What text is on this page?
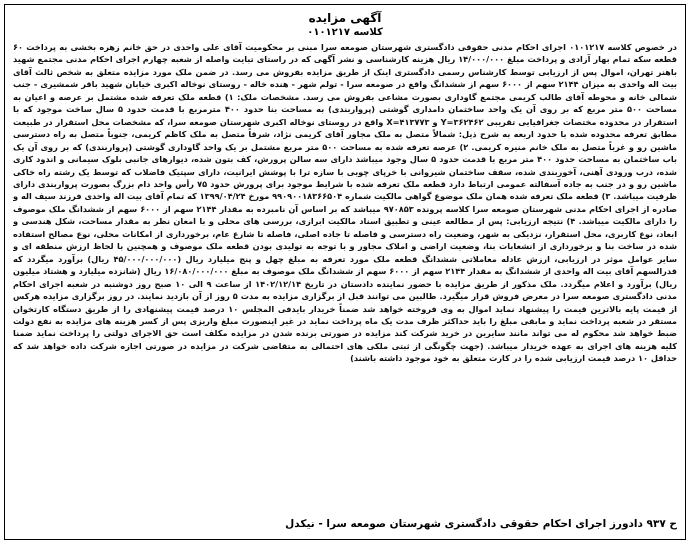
آگهی مزایده
کلاسه ۰۱۰۱۲۱۷
در خصوص کلاسه ۰۱۰۱۲۱۷ اجرای احکام مدنی حقوقی دادگستری شهرستان صومعه سرا مبنی بر محکومیت آقای علی واحدی در حق خانم زهره بخشی به پرداخت ۶۰ قطعه سکه تمام بهار آزادی و پرداخت مبلغ ۱۴/۰۰۰/۰۰۰ ریال هزینه کارشناسی و نشر آگهی که در راستای تبایت واصله از شعبه چهارم اجرای احکام مدنی مجتمع شهید باهنر تهران، اموال پس از ارزیابی توسط کارشناس رسمی دادگستری اینک از طریق مزایده بفروش می رسد. در ضمن ملک مورد مزایده متعلق به شخص ثالث آقای بیت اله واحدی به میزان ۲۱۴۴ سهم از ۶۰۰۰ سهم از ششدانگ واقع در صومعه سرا - تولم شهر - هنده خاله - روستای نوخاله اکبری خیابان شهید باقر شمشیری - جنب شمالی خانه و محوطه آقای طالب کریمی مجتمع گاوداری بصورت مشاعی بفروش می رسد. مشخصات ملک: ۱) قطعه ملک تعرفه شده مشتمل بر عرصه و اعیان به مساحت ۵۰۰ متر مربع که بر روی آن یک واحد ساختمان دامداری گوشتی (پرواربندی) به مساحت بنا حدود ۴۰۰ مترمربع با قدمت حدود ۵ سال ساخت موجود که با استقرار در محدوده مختصات جغرافیایی تقریبی ۳۶۲۴۶۲=Y و ۴۱۳۷۷۳=X واقع در روستای نوخاله اکبری شهرستان صومعه سرا، که مشخصات محل استقرار در طبیعت مطابق تعرفه محدوده شده با حدود اربعه به شرح ذیل: شمالاً متصل به ملک مجاور آقای کریمی نژاد، شرقاً متصل به ملک کاظم کریمی، جنوباً متصل به راه دسترسی ماشین رو و غرباً متصل به ملک خانم منیره کریمی. ۲) عرصه تعرفه شده به مساحت ۵۰۰ متر مربع مشتمل بر یک واحد گاوداری گوشتی (پرواربندی) که بر روی آن یک باب ساختمان به مساحت حدود ۴۰۰ متر مربع با قدمت حدود ۵ سال وجود میباشد دارای سه سالن پرورش، کف بتون شده، دیوارهای جانبی بلوک سیمانی و اندود کاری شده، درب ورودی آهنی، آخوربندی شده، سقف ساختمان شیروانی با خرپای چوبی با سازه ترا با پوشش ایرانیت، دارای سپتیک فاضلاب که توسط یک رشته راه خاکی ماشین رو و در جنب به جاده آسفالته عمومی ارتباط دارد قطعه ملک تعرفه شده با شرایط موجود برای پرورش حدود ۷۵ رأس واحد دام بزرگ بصورت پرواربندی دارای ظرفیت میباشد. ۳) قطعه ملک تعرفه شده همان ملک موضوع گواهی مالکیت شماره ۹۹۰۹۰۰۱۸۳۶۶۵۰۴ مورخ ۱۳۹۹/۰۴/۲۴ که تمام آقای بیت اله واحدی فرزند سیف اله و صادره از اجرای احکام مدنی شهرستان صومعه سرا کلاسه پرونده ۹۷۰۸۵۳ میباشد که بر اساس آن نامبرده به مقدار ۲۱۴۴ سهم از ۶۰۰۰ سهم از ششدانگ ملک موصوف را دارای مالکیت میباشد. ۴) نتیجه ارزیابی: پس از مطالعه عینی و تطبیق اسناد مالکیت ابرازی، بررسی های محلی و با امعان نظر به مقدار مساحت، شکل هندسی و ابعاد، نوع کاربری، محل استقرار، نزدیکی به شهر، وضعیت راه دسترسی و فاصله تا جاده اصلی، فاصله تا شارع عام، برخورداری از امکانات محلی، نوع مصالح استفاده شده در ساخت بنا و برخورداری از انشعابات بنا، وضعیت اراضی و املاک مجاور و با توجه به تولیدی بودن قطعه ملک موصوف و همچنین با لحاظ ارزش منطقه ای و سایر عوامل موثر در ارزیابی، ارزش عادله معاملاتی ششدانگ قطعه ملک مورد تعرفه به مبلغ چهل و پنج میلیارد ریال (۴۵/۰۰۰/۰۰۰/۰۰۰ ریال) برآورد میگردد که قدرالسهم آقای بیت اله واحدی از ششدانگ به مقدار ۲۱۴۴ سهم از ۶۰۰۰ سهم از ششدانگ ملک موصوف به مبلغ ۱۶/۰۸۰/۰۰۰/۰۰۰ ریال (شانزده میلیارد و هشتاد میلیون ریال) برآورد و اعلام میگردد. ملک مذکور از طریق مزایده با حضور نماینده دادستان در تاریخ ۱۴۰۲/۱۲/۱۴ از ساعت ۹ الی ۱۰ صبح روز دوشنبه در شعبه اجرای احکام مدنی دادگستری صومعه سرا در معرض فروش قرار میگیرد. طالبین می توانند قبل از برگزاری مزایده به مدت ۵ روز از آن بازدید نمایند. در روز برگزاری مزایده هرکس از قیمت پایه بالاترین قیمت را پیشنهاد نماید اموال به وی فروخته خواهد شد ضمناً خریدار بایدفی المجلس ۱۰ درصد قیمت پیشنهادی را از طریق دستگاه کارتخوان مستقر در شعبه پرداخت نماید و مابقی مبلغ را باید حداکثر ظرف مدت یک ماه پرداخت نماید در غیر اینصورت مبلغ واریزی پس از کسر هزینه های مزایده به نفع دولت ضبط خواهد شد محکوم له می تواند مانند سایرین در خرید شرکت کند مزایده در صورتی برنده شدن در مزایده مکلف است حق الاجرای دولتی را پرداخت نماید ضمنا کلیه هزینه های اجرای به عهده خریدار میباشد. (جهت چگونگی از ثبتی ملکی های احتمالی به متقاضی شرکت در مزایده در صورتی اجازه شرکت داده خواهد شد که حداقل ۱۰ درصد قیمت ارزیابی شده را در کارت متعلق به خود موجود داشته باشند)
ح ۹۳۷ دادورز اجرای احکام حقوقی دادگستری شهرستان صومعه سرا - نیکدل
